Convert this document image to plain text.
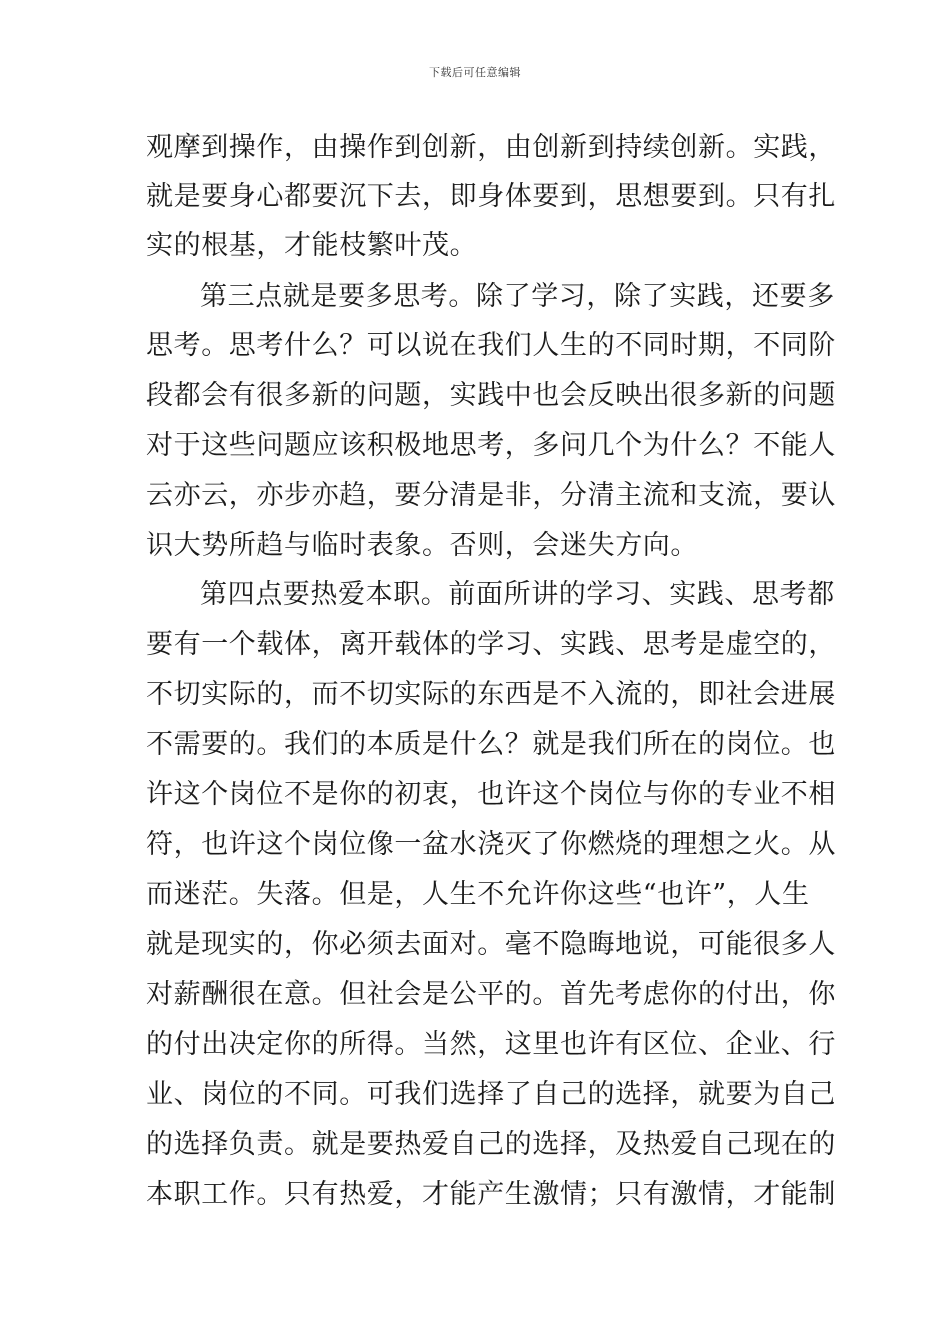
下载后可任意编辑
观摩到操作，由操作到创新，由创新到持续创新。实践，
就是要身心都要沉下去，即身体要到，思想要到。只有扎
实的根基，才能枝繁叶茂。
第三点就是要多思考。除了学习，除了实践，还要多
思考。思考什么？可以说在我们人生的不同时期，不同阶
段都会有很多新的问题，实践中也会反映出很多新的问题
对于这些问题应该积极地思考，多问几个为什么？不能人
云亦云，亦步亦趋，要分清是非，分清主流和支流，要认
识大势所趋与临时表象。否则，会迷失方向。
第四点要热爱本职。前面所讲的学习、实践、思考都
要有一个载体，离开载体的学习、实践、思考是虚空的，
不切实际的，而不切实际的东西是不入流的，即社会进展
不需要的。我们的本质是什么？就是我们所在的岗位。也
许这个岗位不是你的初衷，也许这个岗位与你的专业不相
符，也许这个岗位像一盆水浇灭了你燃烧的理想之火。从
而迷茫。失落。但是，人生不允许你这些“也许”，人生
就是现实的，你必须去面对。毫不隐晦地说，可能很多人
对薪酬很在意。但社会是公平的。首先考虑你的付出，你
的付出决定你的所得。当然，这里也许有区位、企业、行
业、岗位的不同。可我们选择了自己的选择，就要为自己
的选择负责。就是要热爱自己的选择，及热爱自己现在的
本职工作。只有热爱，才能产生激情；只有激情，才能制
